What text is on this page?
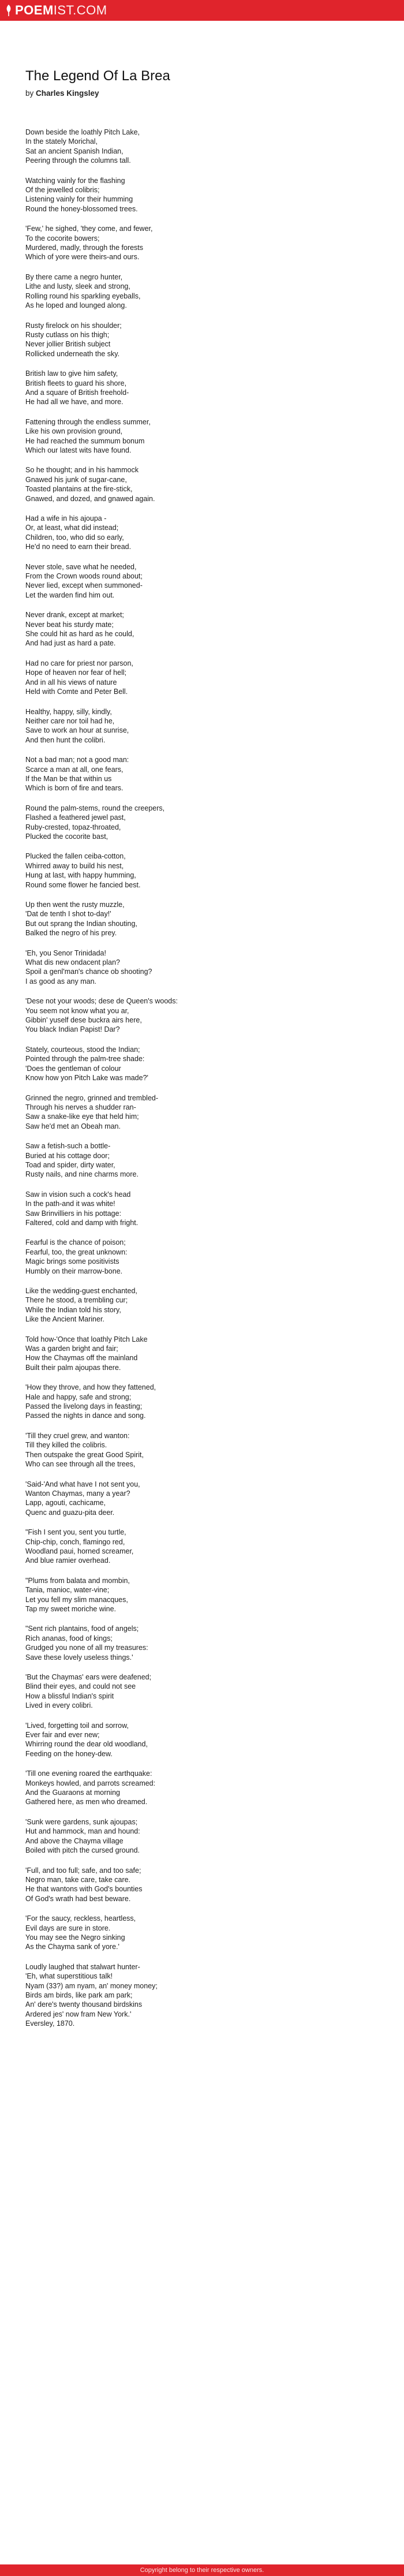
POEMIST.COM
The Legend Of La Brea
by Charles Kingsley
Down beside the loathly Pitch Lake,
In the stately Morichal,
Sat an ancient Spanish Indian,
Peering through the columns tall.
Watching vainly for the flashing
Of the jewelled colibris;
Listening vainly for their humming
Round the honey-blossomed trees.
'Few,' he sighed, 'they come, and fewer,
To the cocorite bowers;
Murdered, madly, through the forests
Which of yore were theirs-and ours.
By there came a negro hunter,
Lithe and lusty, sleek and strong,
Rolling round his sparkling eyeballs,
As he loped and lounged along.
Rusty firelock on his shoulder;
Rusty cutlass on his thigh;
Never jollier British subject
Rollicked underneath the sky.
British law to give him safety,
British fleets to guard his shore,
And a square of British freehold-
He had all we have, and more.
Fattening through the endless summer,
Like his own provision ground,
He had reached the summum bonum
Which our latest wits have found.
So he thought; and in his hammock
Gnawed his junk of sugar-cane,
Toasted plantains at the fire-stick,
Gnawed, and dozed, and gnawed again.
Had a wife in his ajoupa -
Or, at least, what did instead;
Children, too, who did so early,
He'd no need to earn their bread.
Never stole, save what he needed,
From the Crown woods round about;
Never lied, except when summoned-
Let the warden find him out.
Never drank, except at market;
Never beat his sturdy mate;
She could hit as hard as he could,
And had just as hard a pate.
Had no care for priest nor parson,
Hope of heaven nor fear of hell;
And in all his views of nature
Held with Comte and Peter Bell.
Healthy, happy, silly, kindly,
Neither care nor toil had he,
Save to work an hour at sunrise,
And then hunt the colibri.
Not a bad man; not a good man:
Scarce a man at all, one fears,
If the Man be that within us
Which is born of fire and tears.
Round the palm-stems, round the creepers,
Flashed a feathered jewel past,
Ruby-crested, topaz-throated,
Plucked the cocorite bast,
Plucked the fallen ceiba-cotton,
Whirred away to build his nest,
Hung at last, with happy humming,
Round some flower he fancied best.
Up then went the rusty muzzle,
'Dat de tenth I shot to-day!'
But out sprang the Indian shouting,
Balked the negro of his prey.
'Eh, you Senor Trinidada!
What dis new ondacent plan?
Spoil a genl'man's chance ob shooting?
I as good as any man.
'Dese not your woods; dese de Queen's woods:
You seem not know what you ar,
Gibbin' yuself dese buckra airs here,
You black Indian Papist! Dar?
Stately, courteous, stood the Indian;
Pointed through the palm-tree shade:
'Does the gentleman of colour
Know how yon Pitch Lake was made?'
Grinned the negro, grinned and trembled-
Through his nerves a shudder ran-
Saw a snake-like eye that held him;
Saw he'd met an Obeah man.
Saw a fetish-such a bottle-
Buried at his cottage door;
Toad and spider, dirty water,
Rusty nails, and nine charms more.
Saw in vision such a cock's head
In the path-and it was white!
Saw Brinvilliers in his pottage:
Faltered, cold and damp with fright.
Fearful is the chance of poison;
Fearful, too, the great unknown:
Magic brings some positivists
Humbly on their marrow-bone.
Like the wedding-guest enchanted,
There he stood, a trembling cur;
While the Indian told his story,
Like the Ancient Mariner.
Told how-'Once that loathly Pitch Lake
Was a garden bright and fair;
How the Chaymas off the mainland
Built their palm ajoupas there.
'How they throve, and how they fattened,
Hale and happy, safe and strong;
Passed the livelong days in feasting;
Passed the nights in dance and song.
'Till they cruel grew, and wanton:
Till they killed the colibris.
Then outspake the great Good Spirit,
Who can see through all the trees,
'Said-'And what have I not sent you,
Wanton Chaymas, many a year?
Lapp, agouti, cachicame,
Quenc and guazu-pita deer.
"Fish I sent you, sent you turtle,
Chip-chip, conch, flamingo red,
Woodland paui, horned screamer,
And blue ramier overhead.
"Plums from balata and mombin,
Tania, manioc, water-vine;
Let you fell my slim manacques,
Tap my sweet moriche wine.
"Sent rich plantains, food of angels;
Rich ananas, food of kings;
Grudged you none of all my treasures:
Save these lovely useless things.'
'But the Chaymas' ears were deafened;
Blind their eyes, and could not see
How a blissful Indian's spirit
Lived in every colibri.
'Lived, forgetting toil and sorrow,
Ever fair and ever new;
Whirring round the dear old woodland,
Feeding on the honey-dew.
'Till one evening roared the earthquake:
Monkeys howled, and parrots screamed:
And the Guaraons at morning
Gathered here, as men who dreamed.
'Sunk were gardens, sunk ajoupas;
Hut and hammock, man and hound:
And above the Chayma village
Boiled with pitch the cursed ground.
'Full, and too full; safe, and too safe;
Negro man, take care, take care.
He that wantons with God's bounties
Of God's wrath had best beware.
'For the saucy, reckless, heartless,
Evil days are sure in store.
You may see the Negro sinking
As the Chayma sank of yore.'
Loudly laughed that stalwart hunter-
'Eh, what superstitious talk!
Nyam (33?) am nyam, an' money money;
Birds am birds, like park am park;
An' dere's twenty thousand birdskins
Ardered jes' now fram New York.'
Eversley, 1870.
Copyright belong to their respective owners.
